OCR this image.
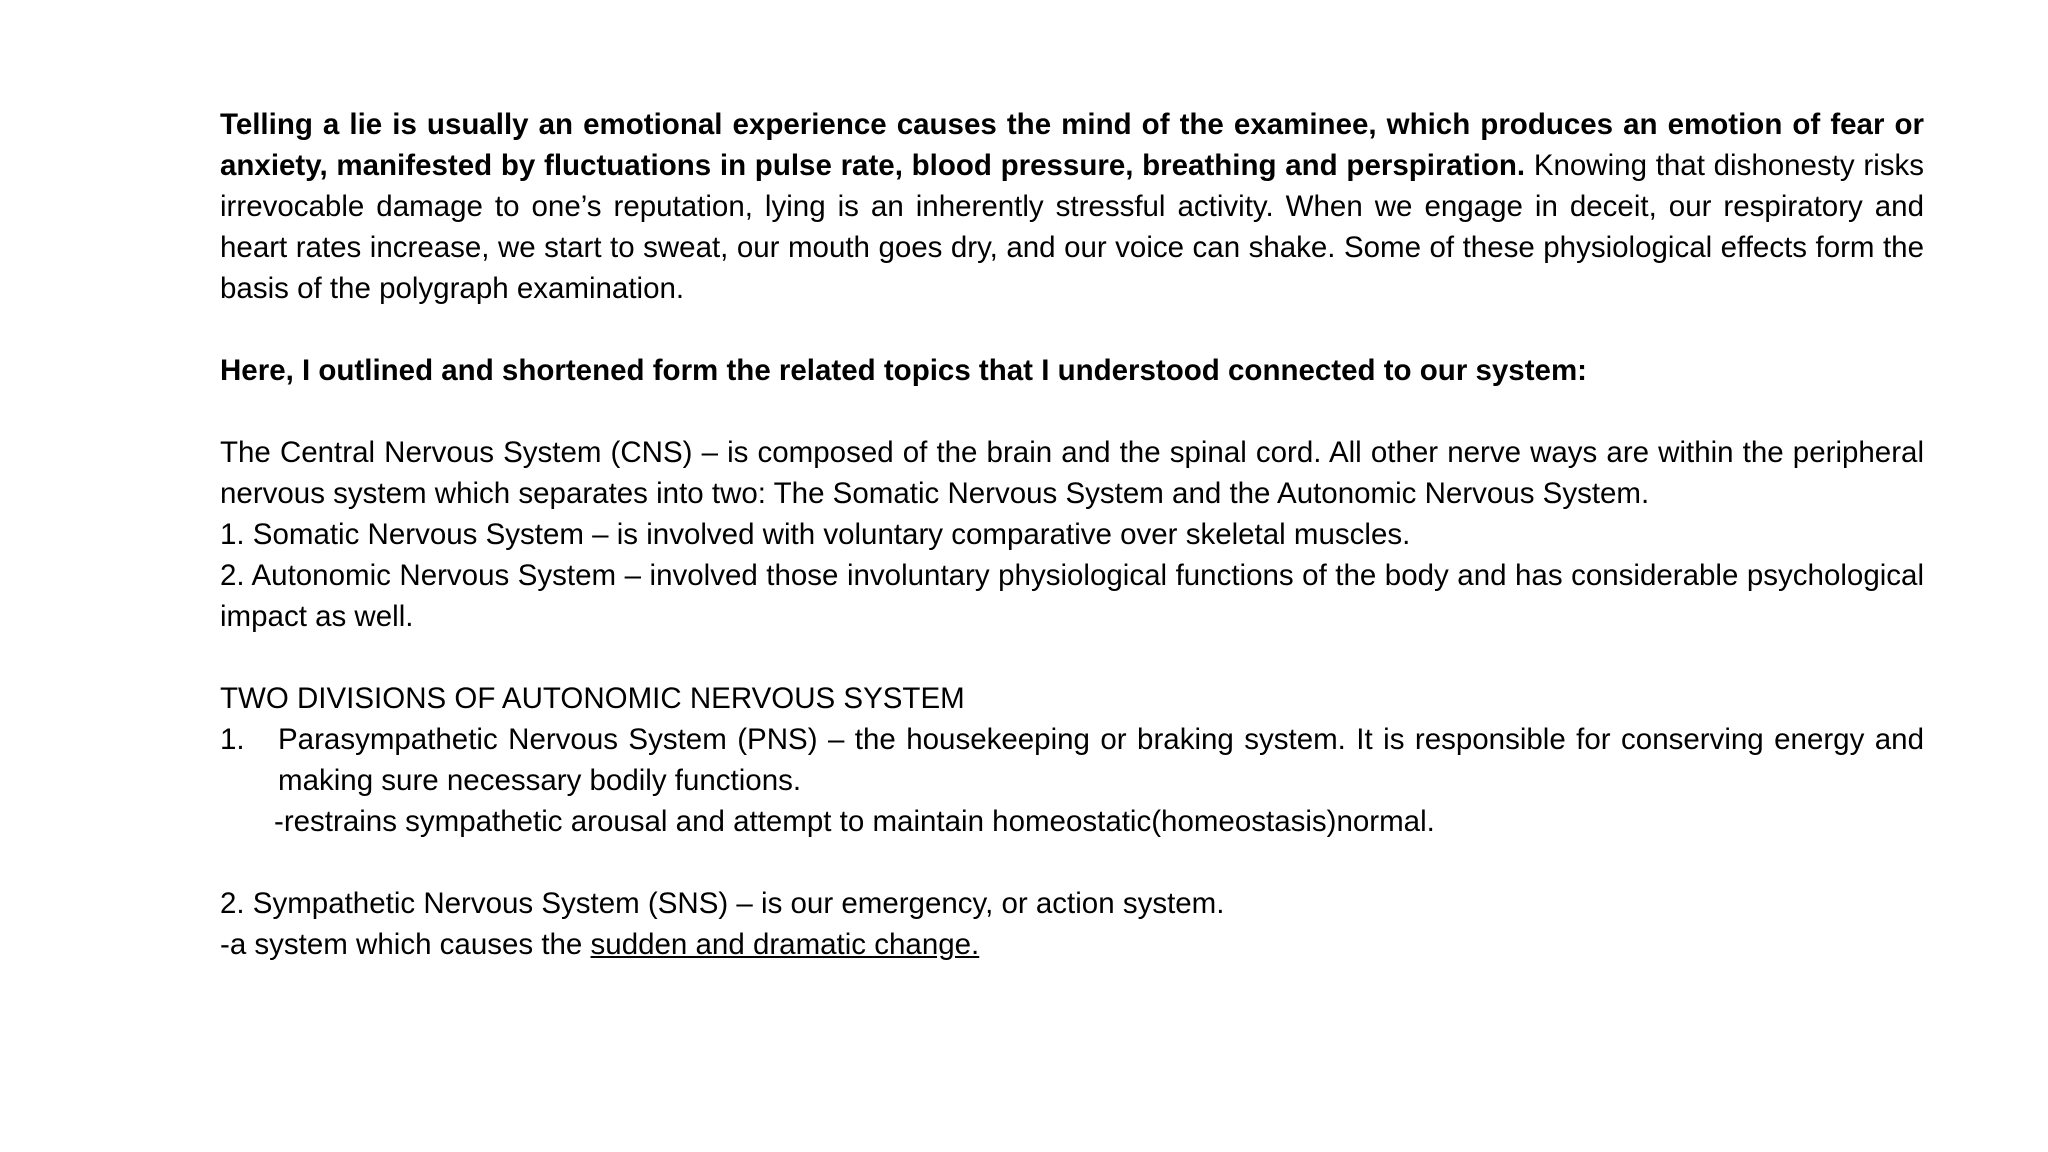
Telling a lie is usually an emotional experience causes the mind of the examinee, which produces an emotion of fear or anxiety, manifested by fluctuations in pulse rate, blood pressure, breathing and perspiration. Knowing that dishonesty risks irrevocable damage to one’s reputation, lying is an inherently stressful activity. When we engage in deceit, our respiratory and heart rates increase, we start to sweat, our mouth goes dry, and our voice can shake. Some of these physiological effects form the basis of the polygraph examination.

Here, I outlined and shortened form the related topics that I understood connected to our system:

The Central Nervous System (CNS) – is composed of the brain and the spinal cord. All other nerve ways are within the peripheral nervous system which separates into two: The Somatic Nervous System and the Autonomic Nervous System.

1. Somatic Nervous System – is involved with voluntary comparative over skeletal muscles.

2. Autonomic Nervous System – involved those involuntary physiological functions of the body and has considerable psychological impact as well.

TWO DIVISIONS OF AUTONOMIC NERVOUS SYSTEM

1.	Parasympathetic Nervous System (PNS) – the housekeeping or braking system. It is responsible for conserving energy and making sure necessary bodily functions.

-restrains sympathetic arousal and attempt to maintain homeostatic(homeostasis)normal.

2. Sympathetic Nervous System (SNS) – is our emergency, or action system.

-a system which causes the sudden and dramatic change.
